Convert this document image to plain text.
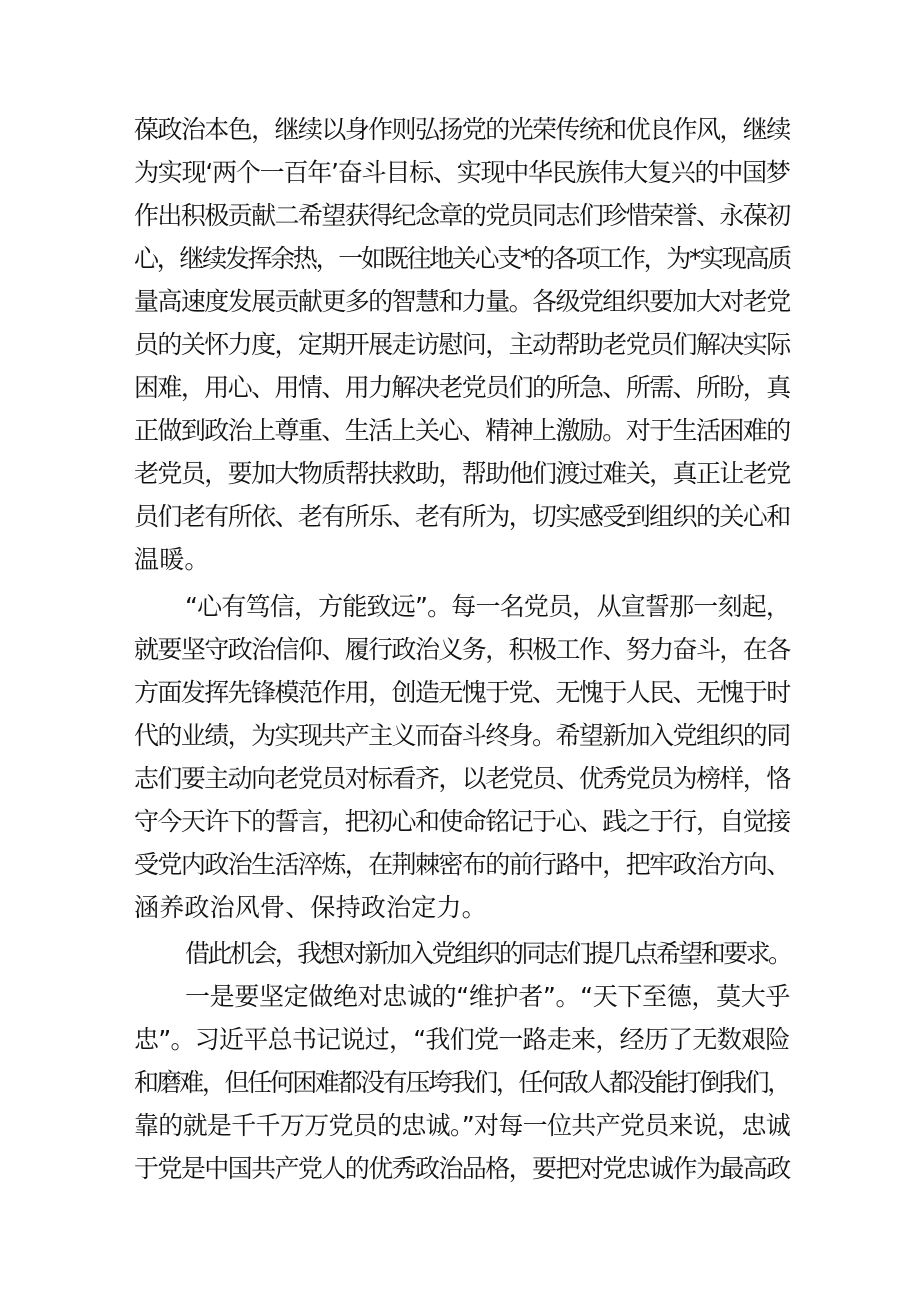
葆政治本色，继续以身作则弘扬党的光荣传统和优良作风，继续
为实现‘两个一百年’奋斗目标、实现中华民族伟大复兴的中国梦
作出积极贡献二希望获得纪念章的党员同志们珍惜荣誉、永葆初
心，继续发挥余热，一如既往地关心支*的各项工作，为*实现高质
量高速度发展贡献更多的智慧和力量。各级党组织要加大对老党
员的关怀力度，定期开展走访慰问，主动帮助老党员们解决实际
困难，用心、用情、用力解决老党员们的所急、所需、所盼，真
正做到政治上尊重、生活上关心、精神上激励。对于生活困难的
老党员，要加大物质帮扶救助，帮助他们渡过难关，真正让老党
员们老有所依、老有所乐、老有所为，切实感受到组织的关心和
温暖。
“心有笃信，方能致远”。每一名党员，从宣誓那一刻起，
就要坚守政治信仰、履行政治义务，积极工作、努力奋斗，在各
方面发挥先锋模范作用，创造无愧于党、无愧于人民、无愧于时
代的业绩，为实现共产主义而奋斗终身。希望新加入党组织的同
志们要主动向老党员对标看齐，以老党员、优秀党员为榜样，恪
守今天许下的誓言，把初心和使命铭记于心、践之于行，自觉接
受党内政治生活淬炼，在荆棘密布的前行路中，把牢政治方向、
涵养政治风骨、保持政治定力。
借此机会，我想对新加入党组织的同志们提几点希望和要求。
一是要坚定做绝对忠诚的“维护者”。“天下至德，莫大乎
忠”。习近平总书记说过，“我们党一路走来，经历了无数艰险
和磨难，但任何困难都没有压垮我们，任何敌人都没能打倒我们，
靠的就是千千万万党员的忠诚。”对每一位共产党员来说，忠诚
于党是中国共产党人的优秀政治品格，要把对党忠诚作为最高政
